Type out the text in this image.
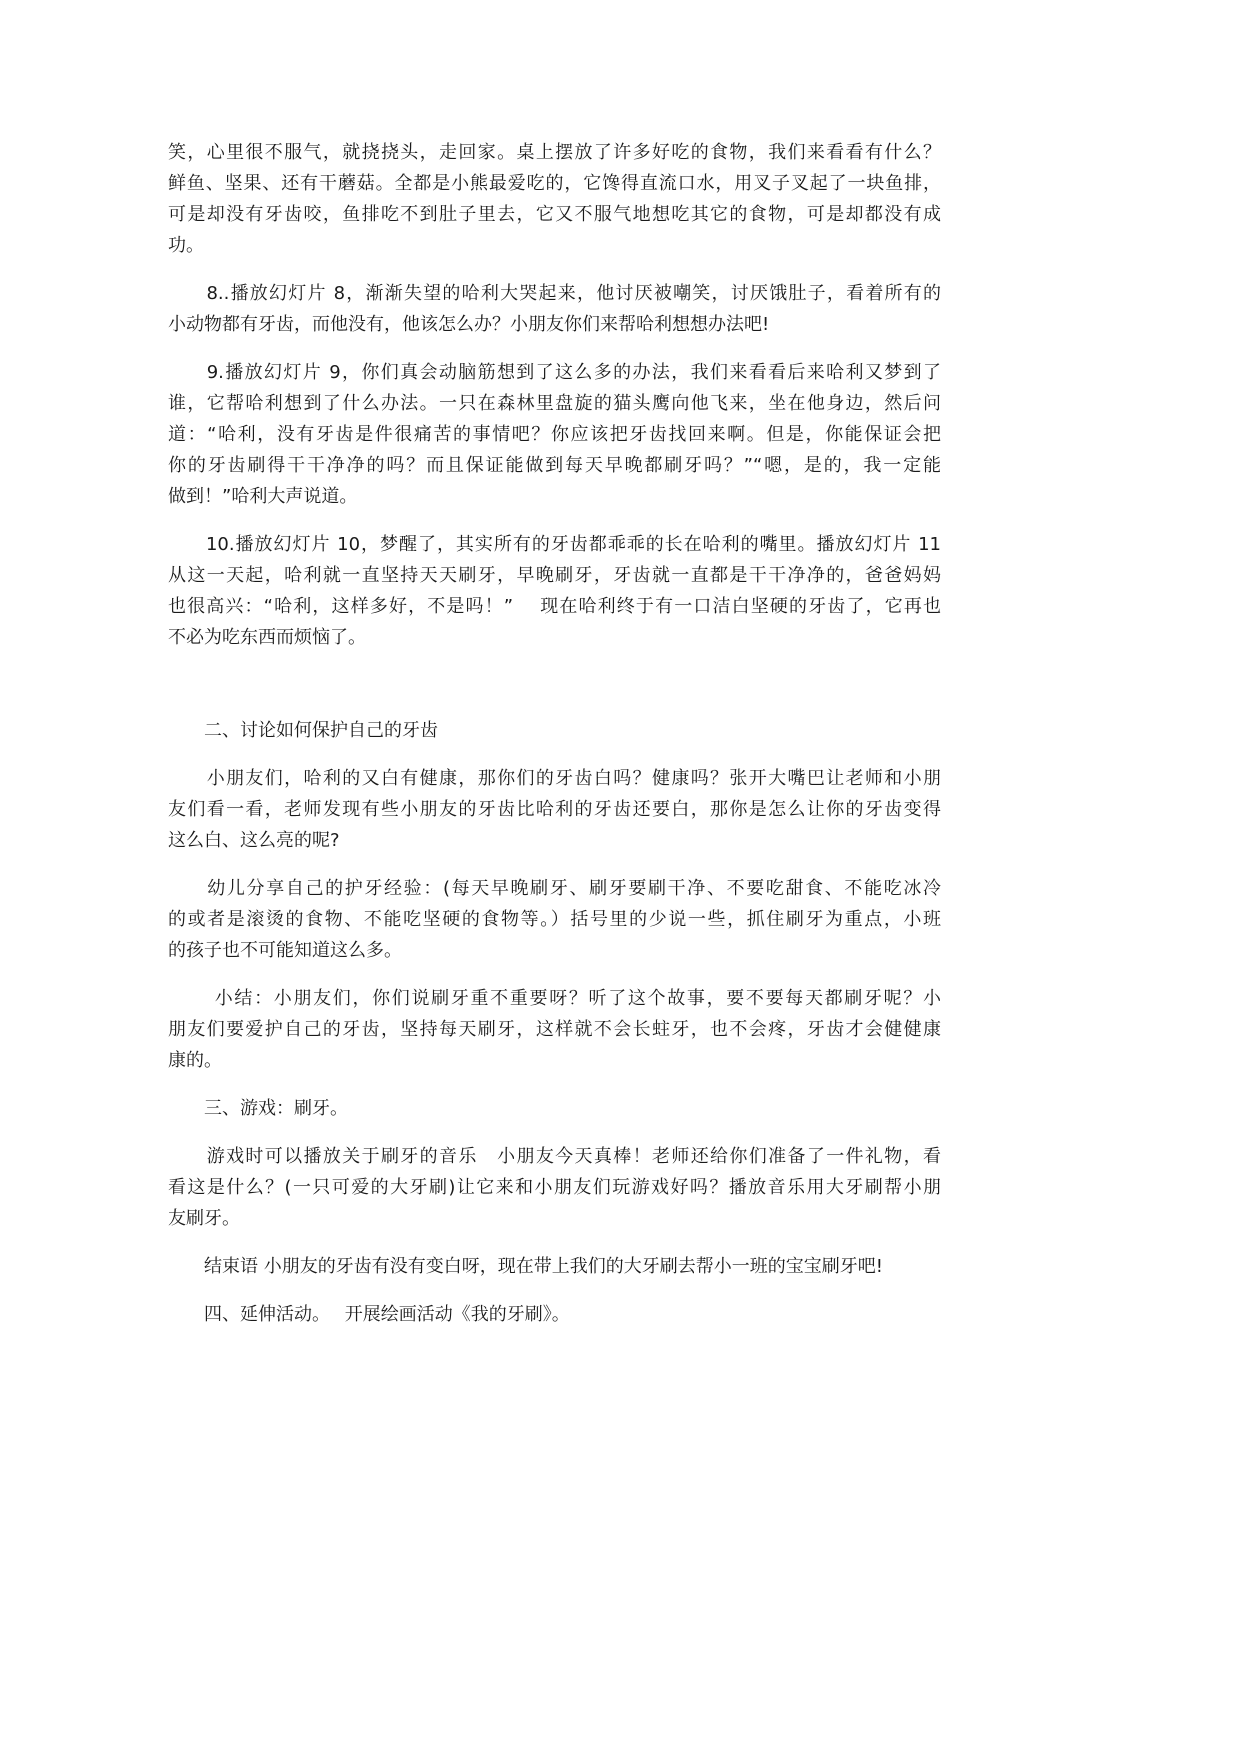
笑，心里很不服气，就挠挠头，走回家。桌上摆放了许多好吃的食物，我们来看看有什么？
鲜鱼、坚果、还有干蘑菇。全都是小熊最爱吃的，它馋得直流口水，用叉子叉起了一块鱼排，
可是却没有牙齿咬，鱼排吃不到肚子里去，它又不服气地想吃其它的食物，可是却都没有成
功。
　　8..播放幻灯片 8，渐渐失望的哈利大哭起来，他讨厌被嘲笑，讨厌饿肚子，看着所有的
小动物都有牙齿，而他没有，他该怎么办？小朋友你们来帮哈利想想办法吧!
　　9.播放幻灯片 9，你们真会动脑筋想到了这么多的办法，我们来看看后来哈利又梦到了
谁，它帮哈利想到了什么办法。一只在森林里盘旋的猫头鹰向他飞来，坐在他身边，然后问
道：“哈利，没有牙齿是件很痛苦的事情吧？你应该把牙齿找回来啊。但是，你能保证会把
你的牙齿刷得干干净净的吗？而且保证能做到每天早晚都刷牙吗？”“嗯，是的，我一定能
做到！”哈利大声说道。
　　10.播放幻灯片 10，梦醒了，其实所有的牙齿都乖乖的长在哈利的嘴里。播放幻灯片 11
从这一天起，哈利就一直坚持天天刷牙，早晚刷牙，牙齿就一直都是干干净净的，爸爸妈妈
也很高兴：“哈利，这样多好，不是吗！”　 现在哈利终于有一口洁白坚硬的牙齿了，它再也
不必为吃东西而烦恼了。
　　二、讨论如何保护自己的牙齿
　　小朋友们，哈利的又白有健康，那你们的牙齿白吗？健康吗？张开大嘴巴让老师和小朋
友们看一看，老师发现有些小朋友的牙齿比哈利的牙齿还要白，那你是怎么让你的牙齿变得
这么白、这么亮的呢?
　　幼儿分享自己的护牙经验：(每天早晚刷牙、刷牙要刷干净、不要吃甜食、不能吃冰冷
的或者是滚烫的食物、不能吃坚硬的食物等。）括号里的少说一些，抓住刷牙为重点，小班
的孩子也不可能知道这么多。
　　 小结：小朋友们，你们说刷牙重不重要呀？听了这个故事，要不要每天都刷牙呢？小
朋友们要爱护自己的牙齿，坚持每天刷牙，这样就不会长蛀牙，也不会疼，牙齿才会健健康
康的。
　　三、游戏：刷牙。
　　游戏时可以播放关于刷牙的音乐　小朋友今天真棒！老师还给你们准备了一件礼物，看
看这是什么？(一只可爱的大牙刷)让它来和小朋友们玩游戏好吗？播放音乐用大牙刷帮小朋
友刷牙。
　　结束语 小朋友的牙齿有没有变白呀，现在带上我们的大牙刷去帮小一班的宝宝刷牙吧!
　　四、延伸活动。　 开展绘画活动《我的牙刷》。
